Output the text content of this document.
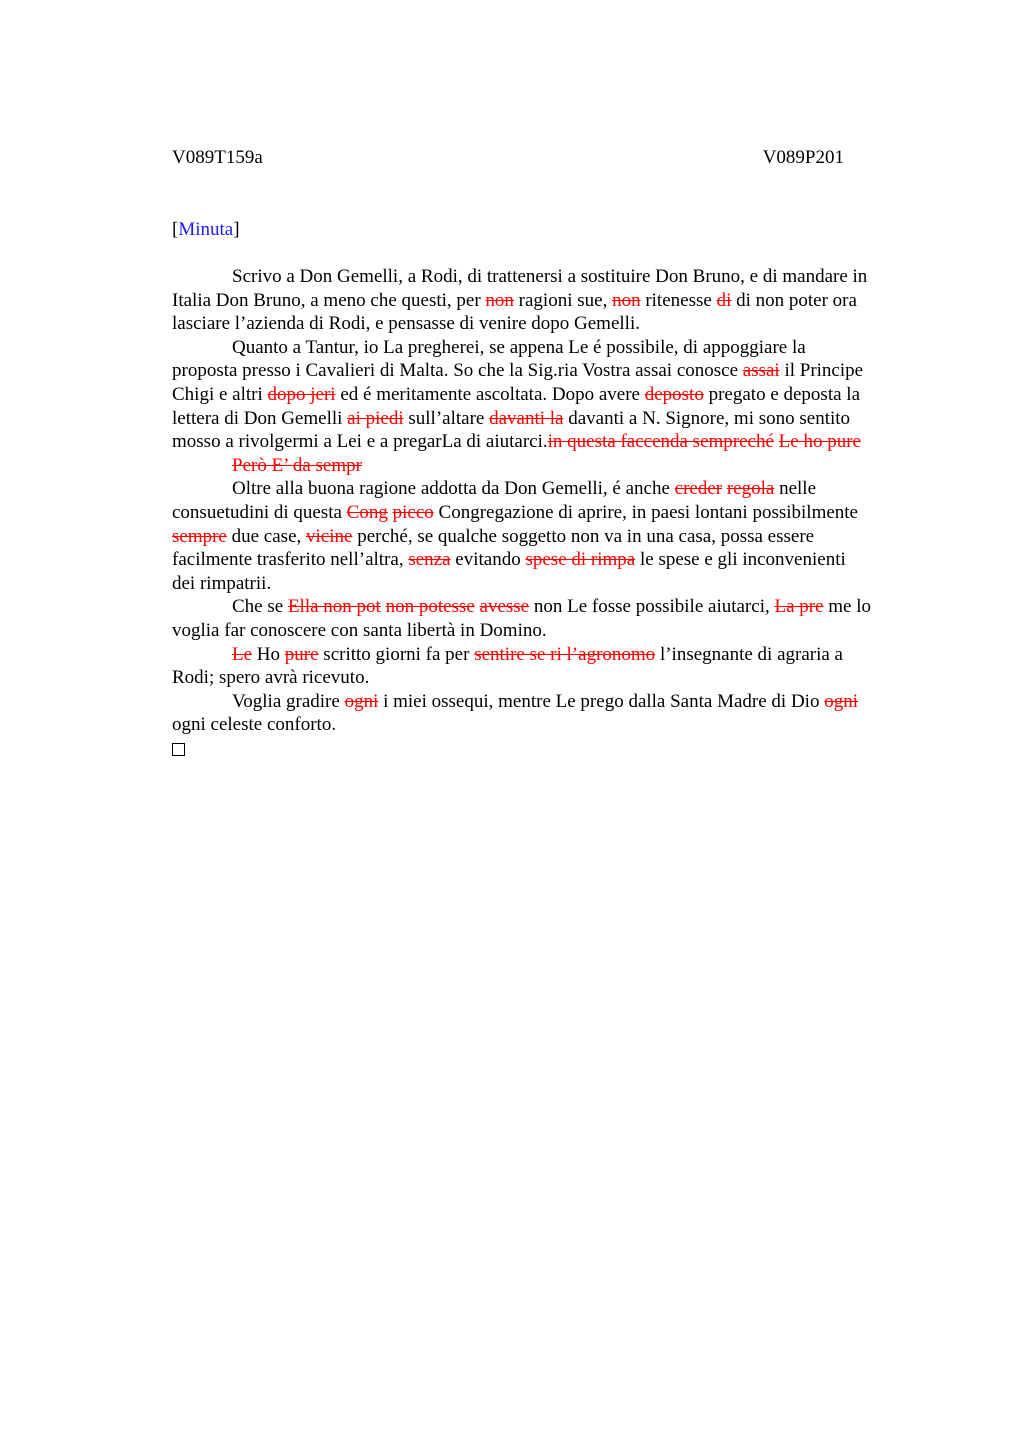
V089T159a	V089P201
[Minuta]
Scrivo a Don Gemelli, a Rodi, di trattenersi a sostituire Don Bruno, e di mandare in
Italia Don Bruno, a meno che questi, per non ragioni sue, non ritenesse di di non poter ora
lasciare l’azienda di Rodi, e pensasse di venire dopo Gemelli.
Quanto a Tantur, io La pregherei, se appena Le é possibile, di appoggiare la
proposta presso i Cavalieri di Malta. So che la Sig.ria Vostra assai conosce assai il Principe
Chigi e altri dopo jeri ed é meritamente ascoltata. Dopo avere deposto pregato e deposta la
lettera di Don Gemelli ai piedi sull’altare davanti la davanti a N. Signore, mi sono sentito
mosso a rivolgermi a Lei e a pregarLa di aiutarci.in questa faccenda sempreché Le ho pure
Però E’ da sempr
Oltre alla buona ragione addotta da Don Gemelli, é anche creder regola nelle
consuetudini di questa Cong picco Congregazione di aprire, in paesi lontani possibilmente
sempre due case, vicine perché, se qualche soggetto non va in una casa, possa essere
facilmente trasferito nell’altra, senza evitando spese di rimpa le spese e gli inconvenienti
dei rimpatrii.
Che se Ella non pot non potesse avesse non Le fosse possibile aiutarci, La pre me lo
voglia far conoscere con santa libertà in Domino.
Le Ho pure scritto giorni fa per sentire se ri l’agronomo l’insegnante di agraria a
Rodi; spero avrà ricevuto.
Voglia gradire ogni i miei ossequi, mentre Le prego dalla Santa Madre di Dio ogni
ogni celeste conforto.
